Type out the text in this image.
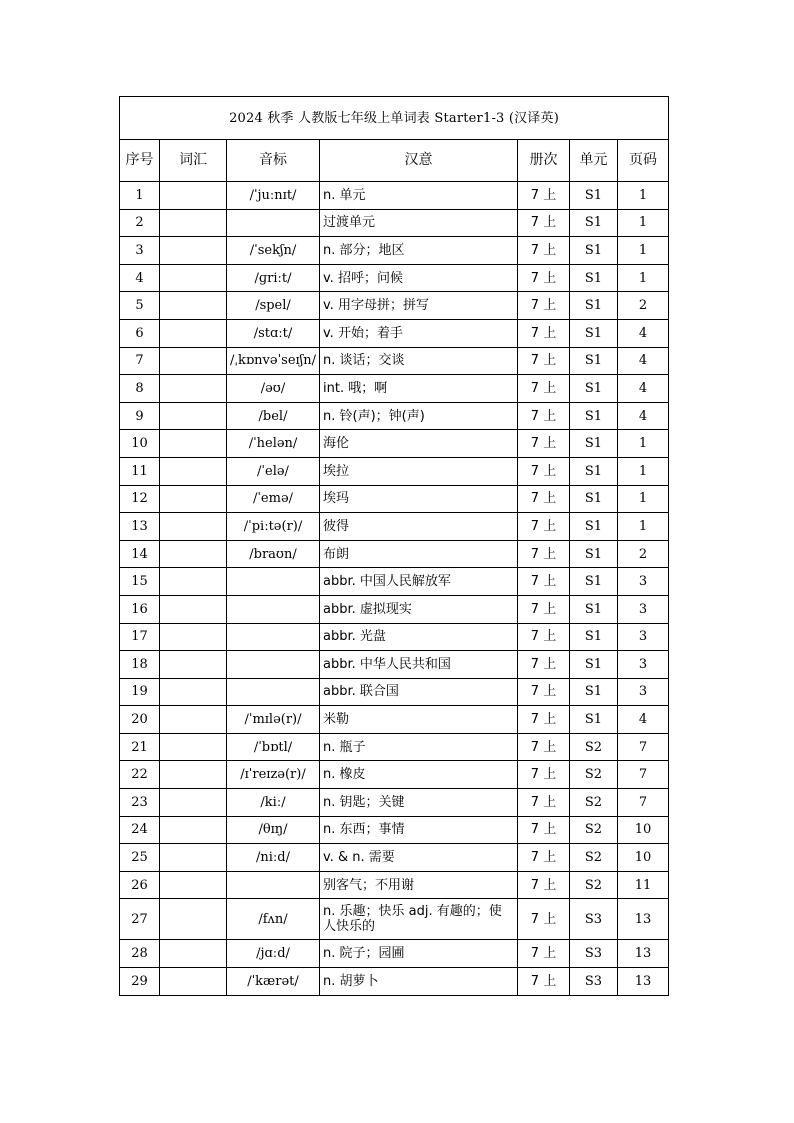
2024 秋季 人教版七年级上单词表 Starter1-3 (汉译英)						
序号	词汇	音标	汉意	册次	单元	页码
1		/ˈjuːnɪt/	n. 单元	7 上	S1	1
2			过渡单元	7 上	S1	1
3		/ˈsekʃn/	n. 部分；地区	7 上	S1	1
4		/ɡriːt/	v. 招呼；问候	7 上	S1	1
5		/spel/	v. 用字母拼；拼写	7 上	S1	2
6		/stɑːt/	v. 开始；着手	7 上	S1	4
7		/ˌkɒnvəˈseɪʃn/	n. 谈话；交谈	7 上	S1	4
8		/əʊ/	int. 哦；啊	7 上	S1	4
9		/bel/	n. 铃(声)；钟(声)	7 上	S1	4
10		/ˈhelən/	海伦	7 上	S1	1
11		/ˈelə/	埃拉	7 上	S1	1
12		/ˈemə/	埃玛	7 上	S1	1
13		/ˈpiːtə(r)/	彼得	7 上	S1	1
14		/braʊn/	布朗	7 上	S1	2
15			abbr. 中国人民解放军	7 上	S1	3
16			abbr. 虚拟现实	7 上	S1	3
17			abbr. 光盘	7 上	S1	3
18			abbr. 中华人民共和国	7 上	S1	3
19			abbr. 联合国	7 上	S1	3
20		/ˈmɪlə(r)/	米勒	7 上	S1	4
21		/ˈbɒtl/	n. 瓶子	7 上	S2	7
22		/ɪˈreɪzə(r)/	n. 橡皮	7 上	S2	7
23		/kiː/	n. 钥匙；关键	7 上	S2	7
24		/θɪŋ/	n. 东西；事情	7 上	S2	10
25		/niːd/	v. & n. 需要	7 上	S2	10
26			别客气；不用谢	7 上	S2	11
27		/fʌn/	n. 乐趣；快乐 adj. 有趣的；使人快乐的	7 上	S3	13
28		/jɑːd/	n. 院子；园圃	7 上	S3	13
29		/ˈkærət/	n. 胡萝卜	7 上	S3	13
